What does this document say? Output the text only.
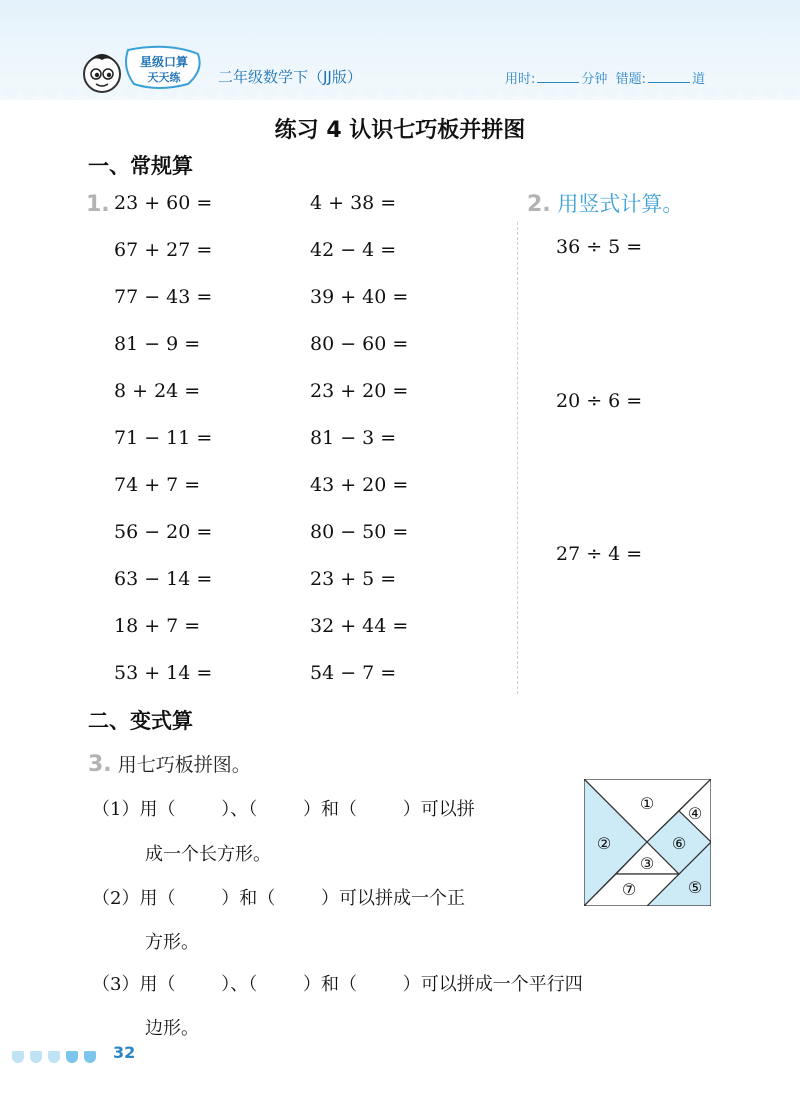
星级口算
天天练	二年级数学下（JJ版）	用时:	分钟 错题:	道
练习 4 认识七巧板并拼图
一、常规算
1. 23 + 60 =
67 + 27 =
77 − 43 =
81 − 9 =
8 + 24 =
71 − 11 =
74 + 7 =
56 − 20 =
63 − 14 =
18 + 7 =
53 + 14 =
4 + 38 =
42 − 4 =
39 + 40 =
80 − 60 =
23 + 20 =
81 − 3 =
43 + 20 =
80 − 50 =
23 + 5 =
32 + 44 =
54 − 7 =
2. 用竖式计算。
36 ÷ 5 =
20 ÷ 6 =
27 ÷ 4 =
二、变式算
3. 用七巧板拼图。
（1）用（        ）、（        ）和（        ）可以拼
成一个长方形。
（2）用（        ）和（        ）可以拼成一个正
方形。
（3）用（        ）、（        ）和（        ）可以拼成一个平行四
边形。
①
②
③
④
⑤
⑥
⑦
32
